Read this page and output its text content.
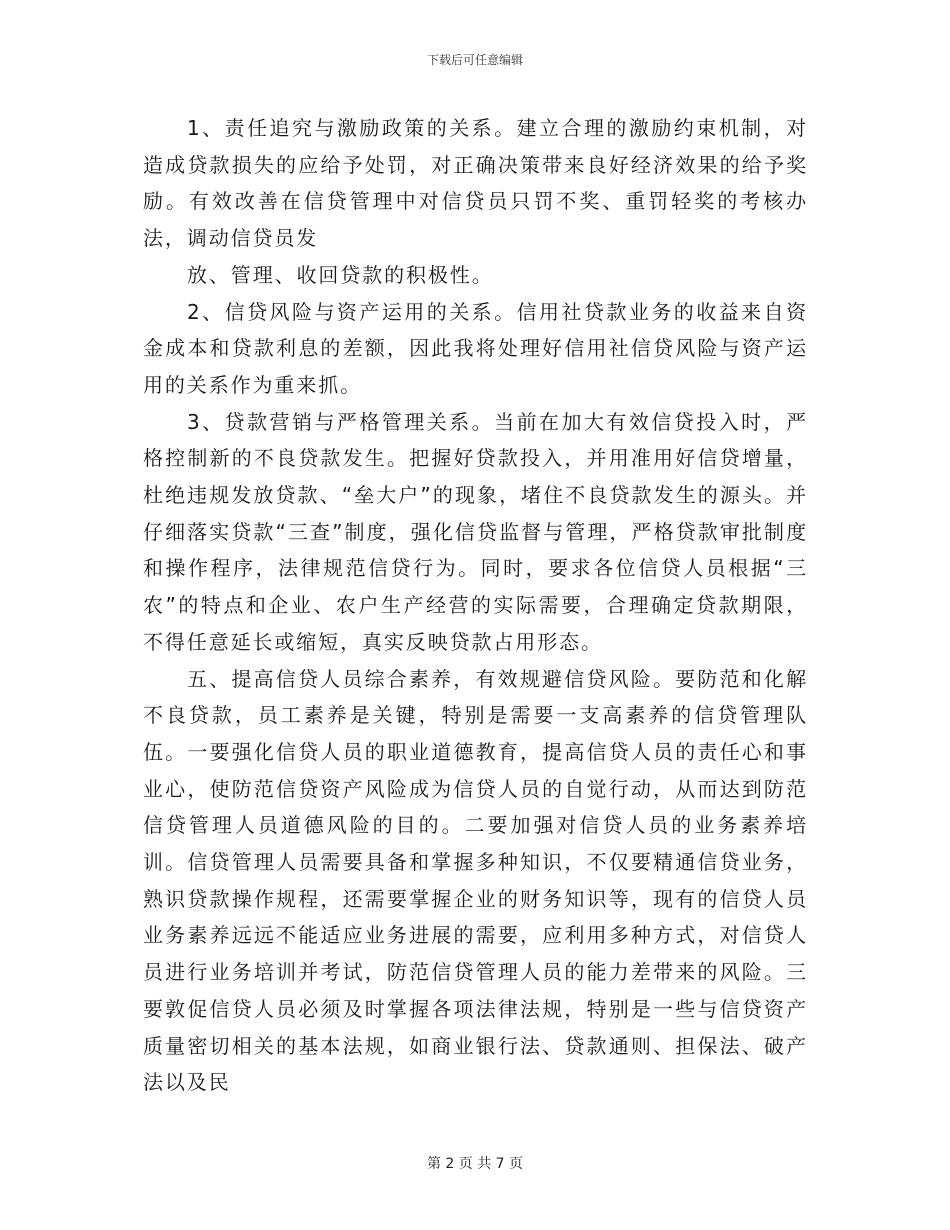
下载后可任意编辑

1、责任追究与激励政策的关系。建立合理的激励约束机制，对造成贷款损失的应给予处罚，对正确决策带来良好经济效果的给予奖励。有效改善在信贷管理中对信贷员只罚不奖、重罚轻奖的考核办法，调动信贷员发

放、管理、收回贷款的积极性。

2、信贷风险与资产运用的关系。信用社贷款业务的收益来自资金成本和贷款利息的差额，因此我将处理好信用社信贷风险与资产运用的关系作为重来抓。

3、贷款营销与严格管理关系。当前在加大有效信贷投入时，严格控制新的不良贷款发生。把握好贷款投入，并用准用好信贷增量，杜绝违规发放贷款、“垒大户”的现象，堵住不良贷款发生的源头。并仔细落实贷款“三查”制度，强化信贷监督与管理，严格贷款审批制度和操作程序，法律规范信贷行为。同时，要求各位信贷人员根据“三农”的特点和企业、农户生产经营的实际需要，合理确定贷款期限，不得任意延长或缩短，真实反映贷款占用形态。

五、提高信贷人员综合素养，有效规避信贷风险。要防范和化解不良贷款，员工素养是关键，特别是需要一支高素养的信贷管理队伍。一要强化信贷人员的职业道德教育，提高信贷人员的责任心和事业心，使防范信贷资产风险成为信贷人员的自觉行动，从而达到防范信贷管理人员道德风险的目的。二要加强对信贷人员的业务素养培训。信贷管理人员需要具备和掌握多种知识，不仅要精通信贷业务，熟识贷款操作规程，还需要掌握企业的财务知识等，现有的信贷人员业务素养远远不能适应业务进展的需要，应利用多种方式，对信贷人员进行业务培训并考试，防范信贷管理人员的能力差带来的风险。三要敦促信贷人员必须及时掌握各项法律法规，特别是一些与信贷资产质量密切相关的基本法规，如商业银行法、贷款通则、担保法、破产法以及民

第 2 页 共 7 页
